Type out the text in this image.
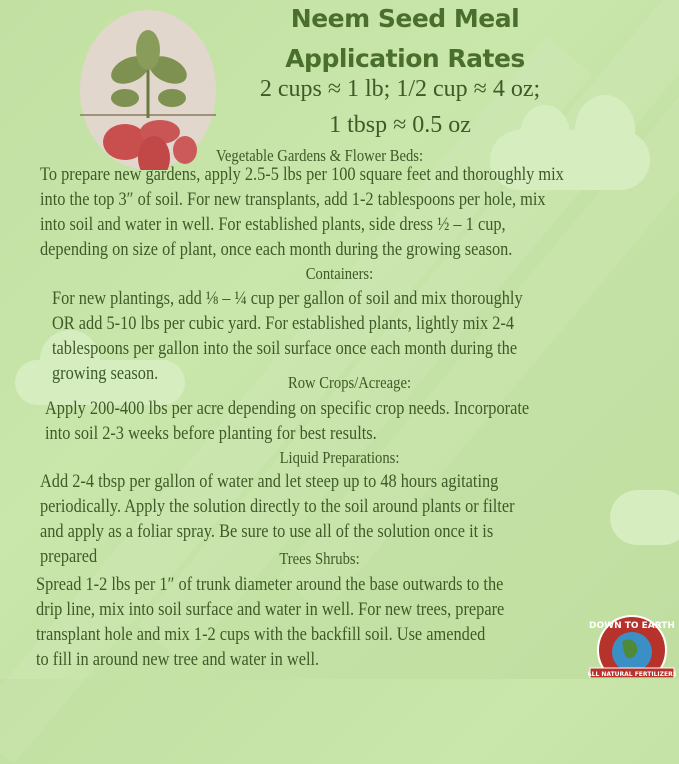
Neem Seed Meal
Application Rates
2 cups ≈ 1 lb; 1/2 cup ≈ 4 oz;
1 tbsp ≈ 0.5 oz
Vegetable Gardens & Flower Beds:
To prepare new gardens, apply 2.5-5 lbs per 100 square feet and thoroughly mix
into the top 3″ of soil. For new transplants, add 1-2 tablespoons per hole, mix
into soil and water in well. For established plants, side dress ½ – 1 cup,
depending on size of plant, once each month during the growing season.
Containers:
For new plantings, add ⅛ – ¼ cup per gallon of soil and mix thoroughly
OR add 5-10 lbs per cubic yard. For established plants, lightly mix 2-4
tablespoons per gallon into the soil surface once each month during the
growing season.	Row Crops/Acreage:
Apply 200-400 lbs per acre depending on specific crop needs. Incorporate
into soil 2-3 weeks before planting for best results.
Liquid Preparations:
Add 2-4 tbsp per gallon of water and let steep up to 48 hours agitating
periodically. Apply the solution directly to the soil around plants or filter
and apply as a foliar spray. Be sure to use all of the solution once it is
prepared	Trees Shrubs:
Spread 1-2 lbs per 1″ of trunk diameter around the base outwards to the
drip line, mix into soil surface and water in well. For new trees, prepare
transplant hole and mix 1-2 cups with the backfill soil. Use amended
to fill in around new tree and water in well.
ALL NATURAL FERTILIZERS
DOWN TO EARTH
